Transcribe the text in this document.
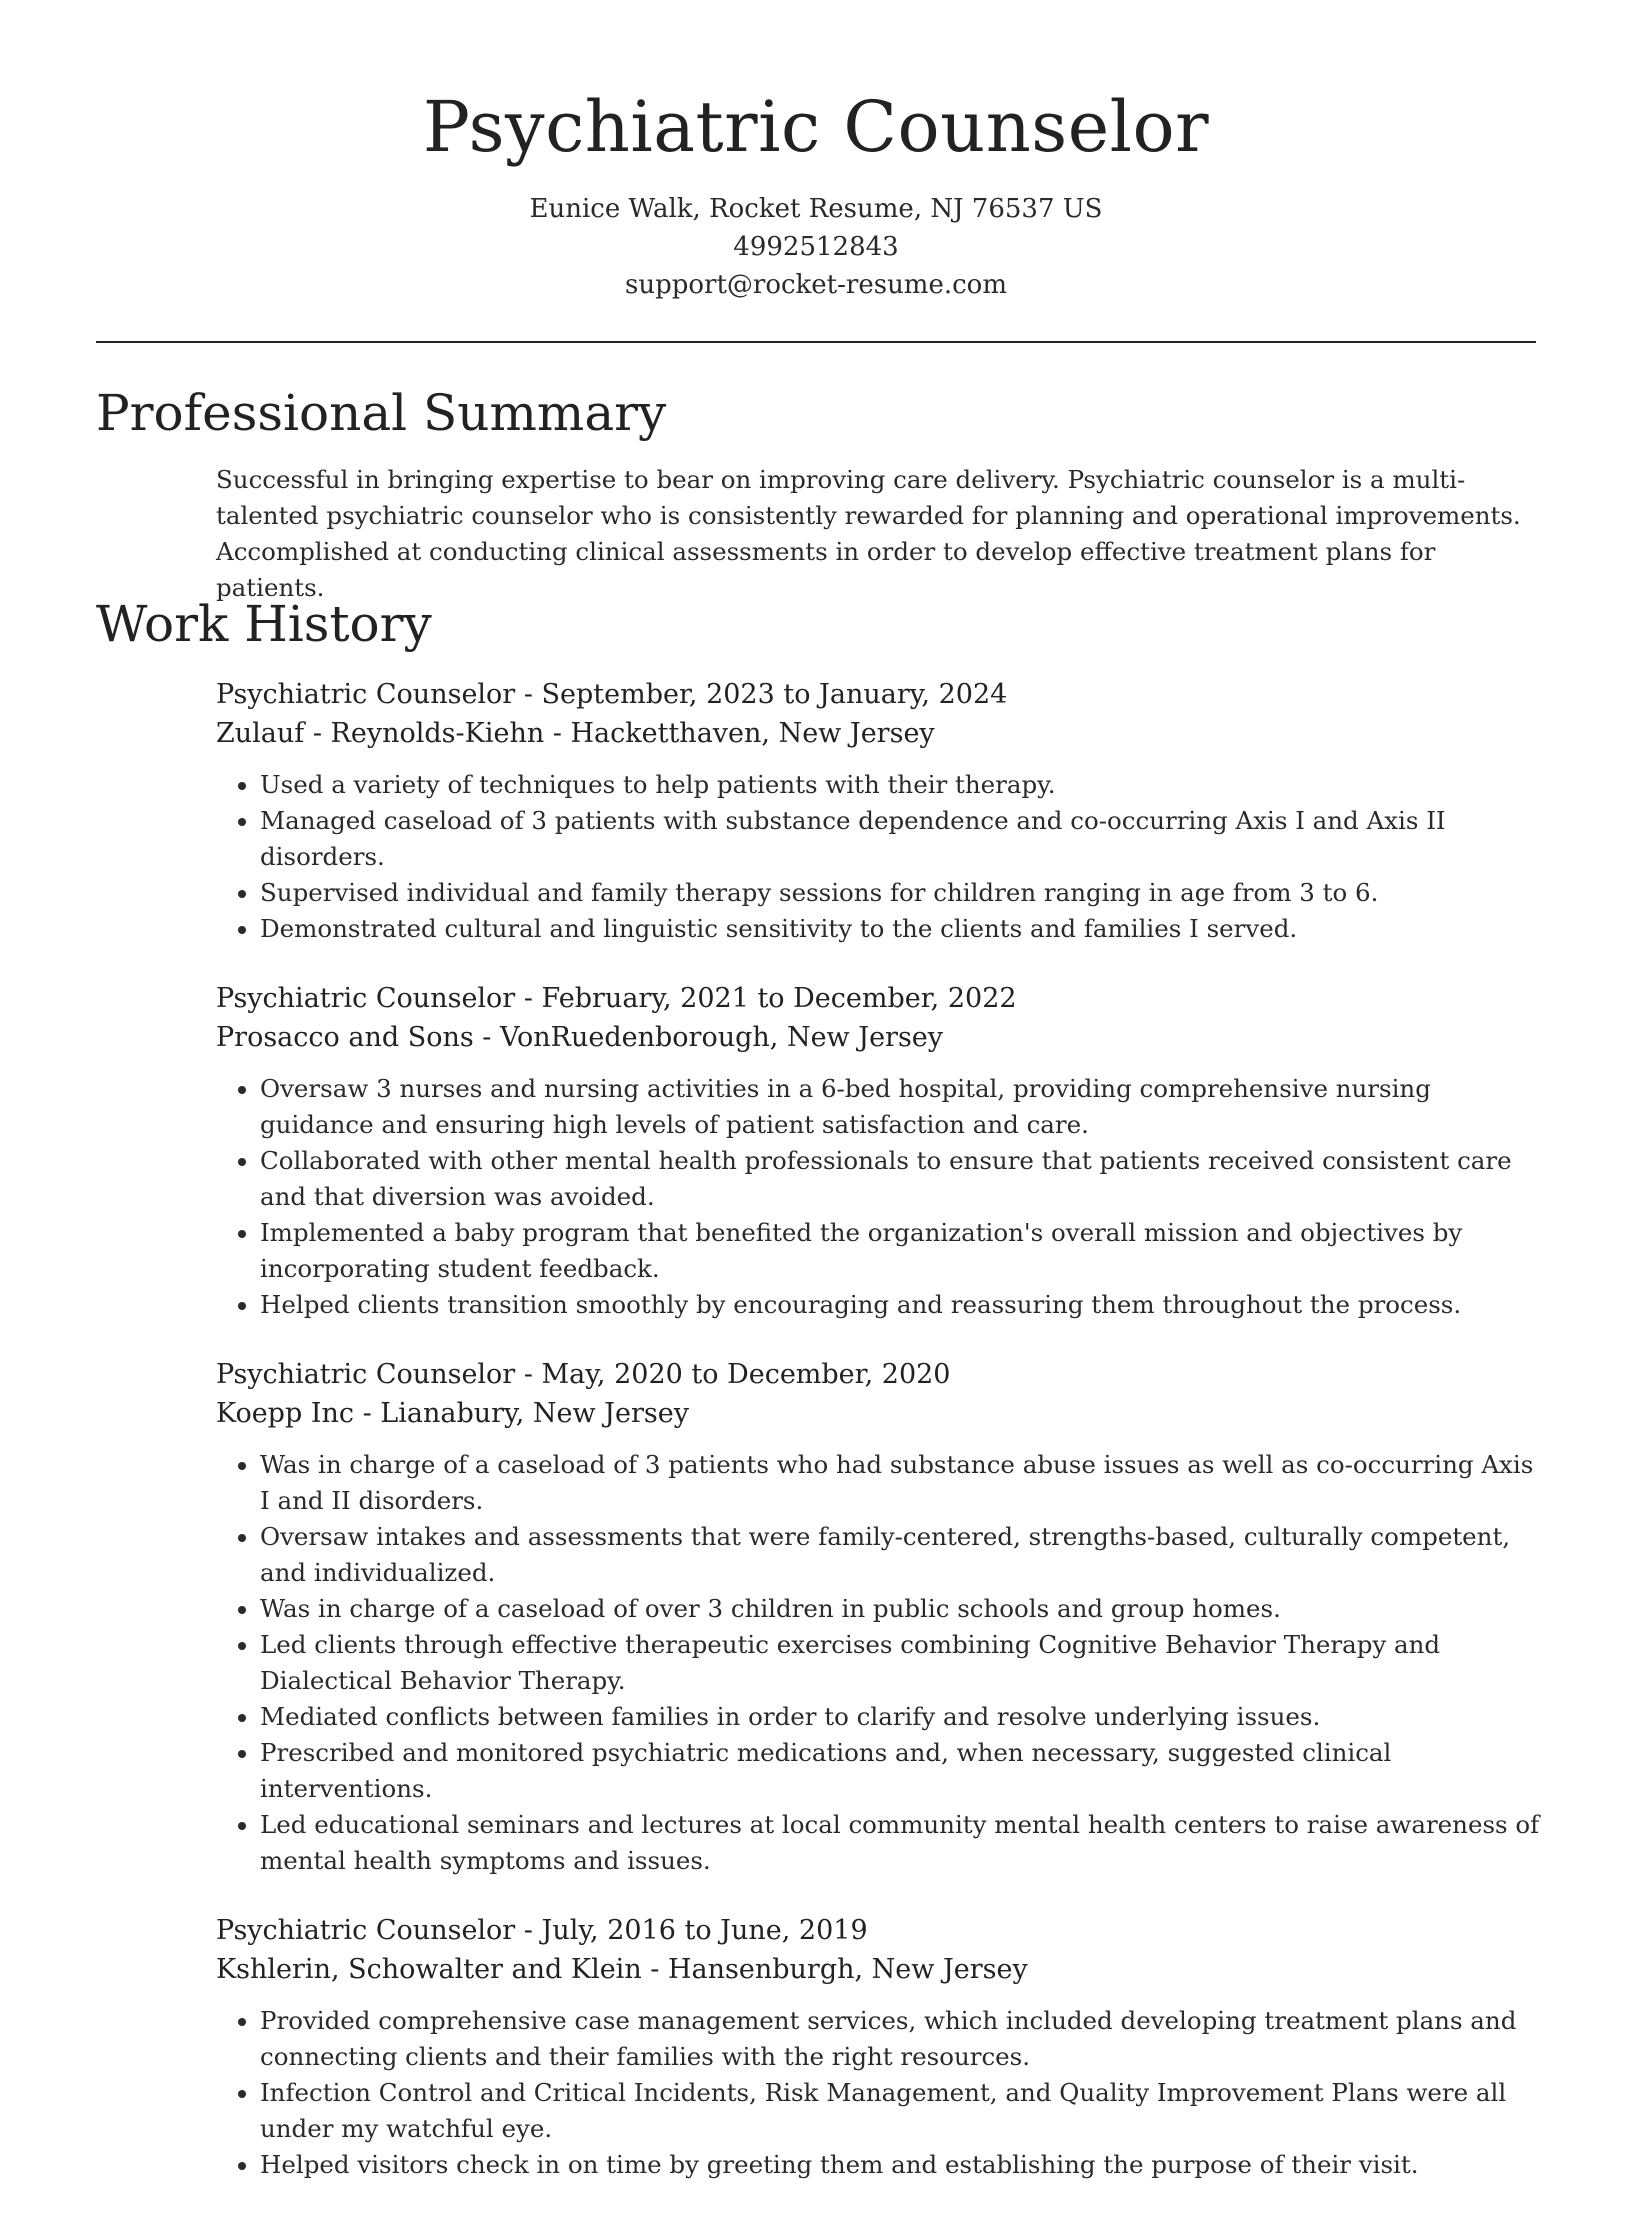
Psychiatric Counselor
Eunice Walk, Rocket Resume, NJ 76537 US
4992512843
support@rocket-resume.com
Professional Summary

Successful in bringing expertise to bear on improving care delivery. Psychiatric counselor is a multi-talented psychiatric counselor who is consistently rewarded for planning and operational improvements. Accomplished at conducting clinical assessments in order to develop effective treatment plans for patients.

Work History

Psychiatric Counselor - September, 2023 to January, 2024

Zulauf - Reynolds-Kiehn - Hacketthaven, New Jersey

• Used a variety of techniques to help patients with their therapy.
• Managed caseload of 3 patients with substance dependence and co-occurring Axis I and Axis II disorders.
• Supervised individual and family therapy sessions for children ranging in age from 3 to 6.
• Demonstrated cultural and linguistic sensitivity to the clients and families I served.

Psychiatric Counselor - February, 2021 to December, 2022

Prosacco and Sons - VonRuedenborough, New Jersey

• Oversaw 3 nurses and nursing activities in a 6-bed hospital, providing comprehensive nursing guidance and ensuring high levels of patient satisfaction and care.
• Collaborated with other mental health professionals to ensure that patients received consistent care and that diversion was avoided.
• Implemented a baby program that benefited the organization's overall mission and objectives by incorporating student feedback.
• Helped clients transition smoothly by encouraging and reassuring them throughout the process.

Psychiatric Counselor - May, 2020 to December, 2020

Koepp Inc - Lianabury, New Jersey

• Was in charge of a caseload of 3 patients who had substance abuse issues as well as co-occurring Axis I and II disorders.
• Oversaw intakes and assessments that were family-centered, strengths-based, culturally competent, and individualized.
• Was in charge of a caseload of over 3 children in public schools and group homes.
• Led clients through effective therapeutic exercises combining Cognitive Behavior Therapy and Dialectical Behavior Therapy.
• Mediated conflicts between families in order to clarify and resolve underlying issues.
• Prescribed and monitored psychiatric medications and, when necessary, suggested clinical interventions.
• Led educational seminars and lectures at local community mental health centers to raise awareness of mental health symptoms and issues.

Psychiatric Counselor - July, 2016 to June, 2019

Kshlerin, Schowalter and Klein - Hansenburgh, New Jersey

• Provided comprehensive case management services, which included developing treatment plans and connecting clients and their families with the right resources.
• Infection Control and Critical Incidents, Risk Management, and Quality Improvement Plans were all under my watchful eye.
• Helped visitors check in on time by greeting them and establishing the purpose of their visit.
